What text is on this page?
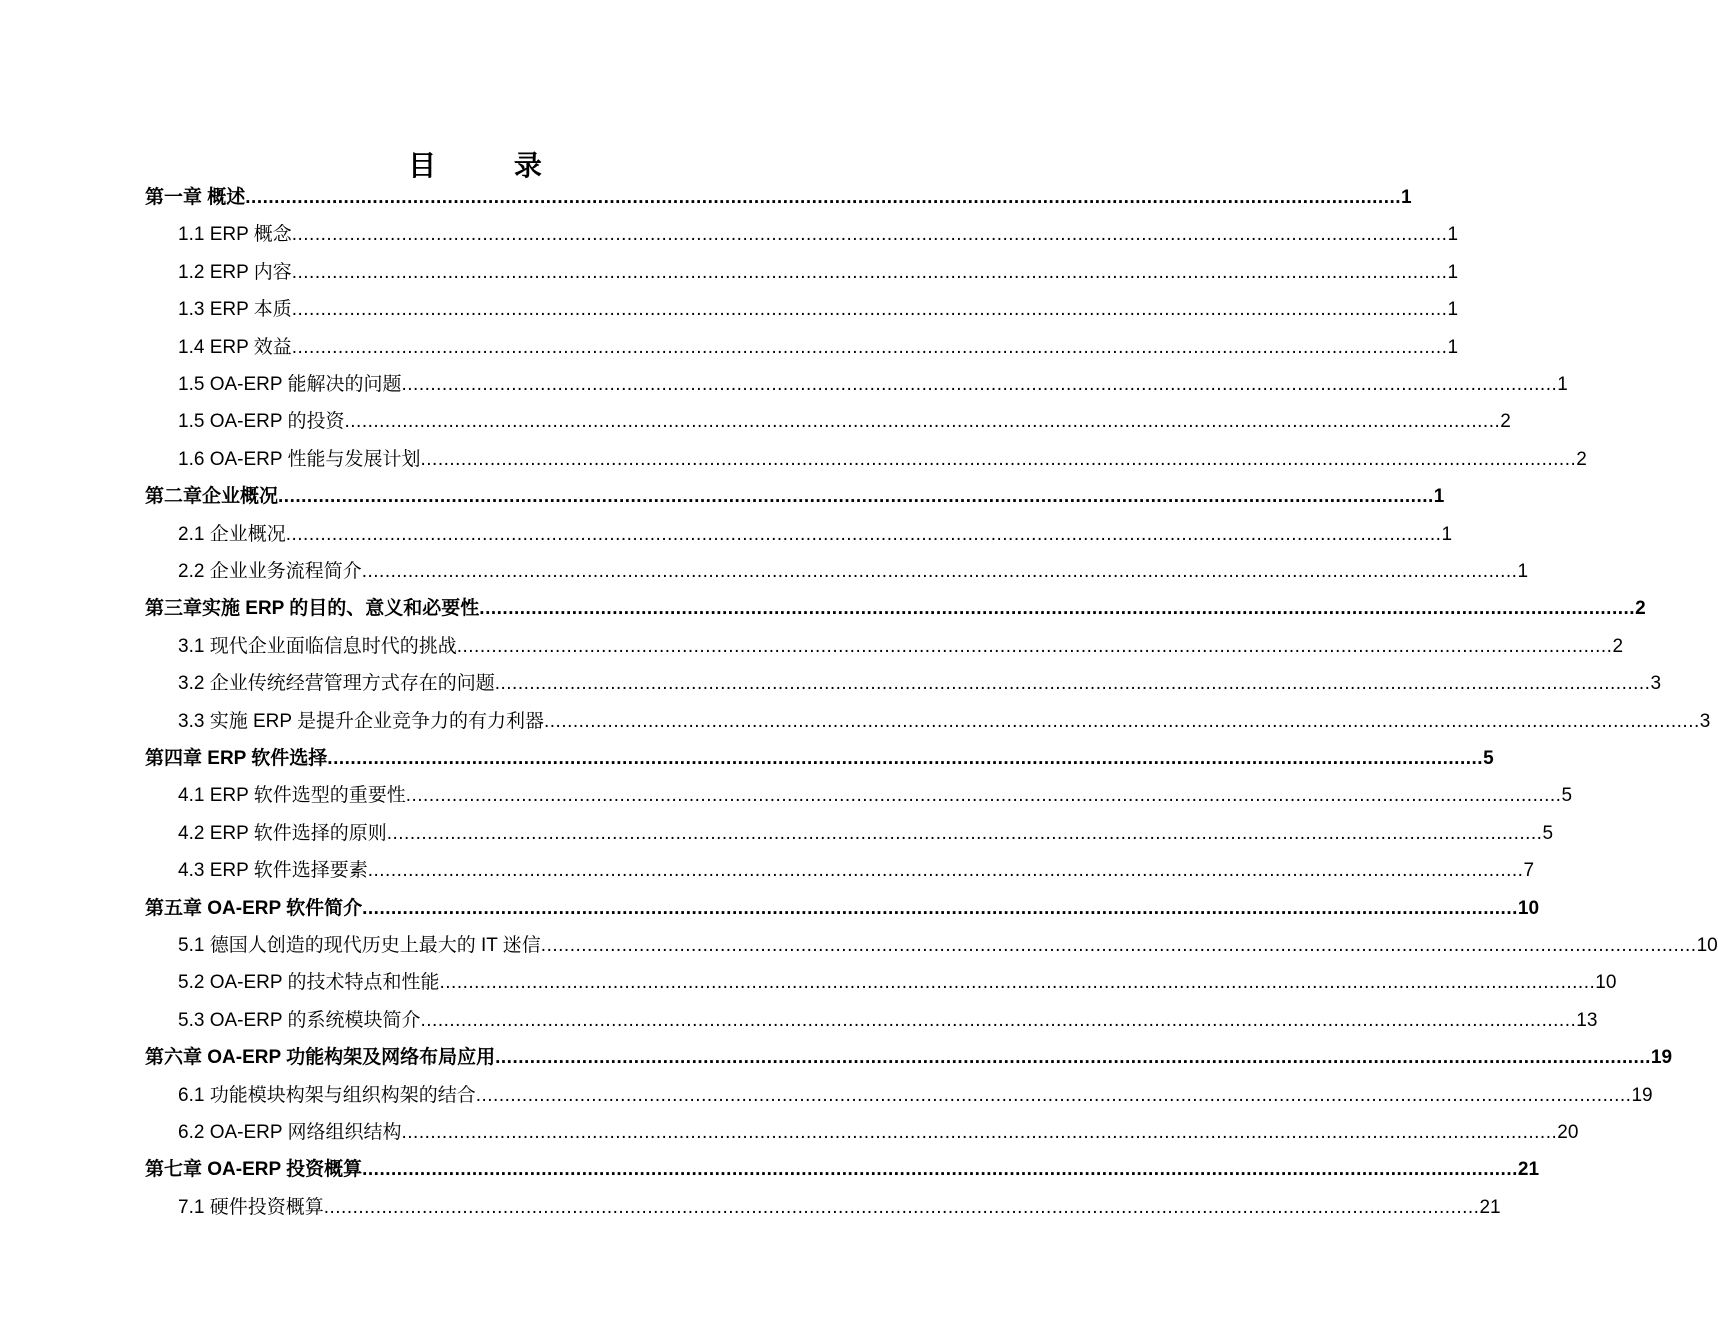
目 录
第一章 概述 ........................................................................................................................................................................................................ 1
1.1 ERP 概念 ........................................................................................................................................................................................................ 1
1.2 ERP 内容 ........................................................................................................................................................................................................ 1
1.3 ERP 本质 ........................................................................................................................................................................................................ 1
1.4 ERP 效益 ........................................................................................................................................................................................................ 1
1.5 OA-ERP 能解决的问题 ........................................................................................................................................................................................................ 1
1.5 OA-ERP 的投资 ........................................................................................................................................................................................................ 2
1.6 OA-ERP 性能与发展计划 ........................................................................................................................................................................................................ 2
第二章企业概况 ........................................................................................................................................................................................................ 1
2.1 企业概况 ........................................................................................................................................................................................................ 1
2.2 企业业务流程简介 ........................................................................................................................................................................................................ 1
第三章实施 ERP 的目的、意义和必要性 ........................................................................................................................................................................................................ 2
3.1 现代企业面临信息时代的挑战 ........................................................................................................................................................................................................ 2
3.2 企业传统经营管理方式存在的问题 ........................................................................................................................................................................................................ 3
3.3 实施 ERP 是提升企业竞争力的有力利器 ........................................................................................................................................................................................................ 3
第四章 ERP 软件选择 ........................................................................................................................................................................................................ 5
4.1 ERP 软件选型的重要性 ........................................................................................................................................................................................................ 5
4.2 ERP 软件选择的原则 ........................................................................................................................................................................................................ 5
4.3 ERP 软件选择要素 ........................................................................................................................................................................................................ 7
第五章 OA-ERP 软件简介 ........................................................................................................................................................................................................ 10
5.1 德国人创造的现代历史上最大的 IT 迷信 ........................................................................................................................................................................................................ 10
5.2 OA-ERP 的技术特点和性能 ........................................................................................................................................................................................................ 10
5.3 OA-ERP 的系统模块简介 ........................................................................................................................................................................................................ 13
第六章 OA-ERP 功能构架及网络布局应用 ........................................................................................................................................................................................................ 19
6.1 功能模块构架与组织构架的结合 ........................................................................................................................................................................................................ 19
6.2 OA-ERP 网络组织结构 ........................................................................................................................................................................................................ 20
第七章 OA-ERP 投资概算 ........................................................................................................................................................................................................ 21
7.1 硬件投资概算 ........................................................................................................................................................................................................ 21
